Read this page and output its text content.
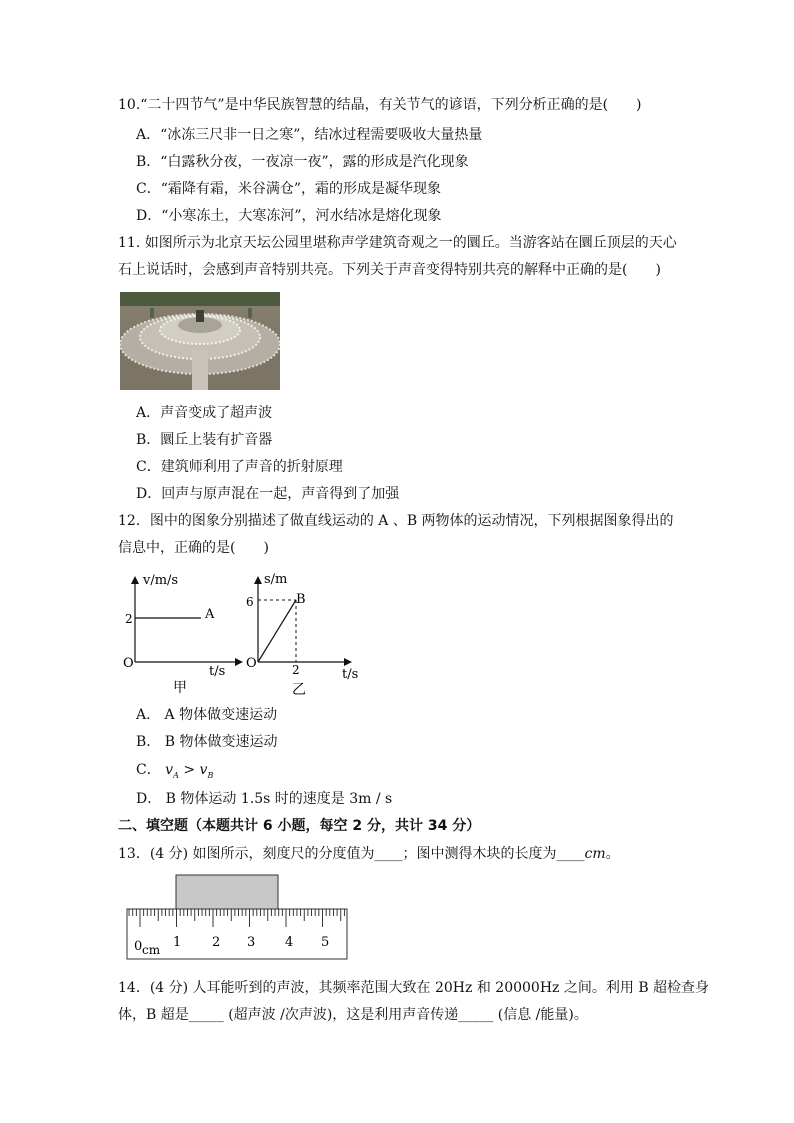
10.“二十四节气”是中华民族智慧的结晶，有关节气的谚语，下列分析正确的是(　　)
A．“冰冻三尺非一日之寒”，结冰过程需要吸收大量热量
B．“白露秋分夜，一夜凉一夜”，露的形成是汽化现象
C．“霜降有霜，米谷满仓”，霜的形成是凝华现象
D．“小寒冻土，大寒冻河”，河水结冰是熔化现象
11. 如图所示为北京天坛公园里堪称声学建筑奇观之一的圜丘。当游客站在圜丘顶层的天心
石上说话时，会感到声音特别共亮。下列关于声音变得特别共亮的解释中正确的是(　　)
A．声音变成了超声波
B．圜丘上装有扩音器
C．建筑师利用了声音的折射原理
D．回声与原声混在一起，声音得到了加强
12．图中的图象分别描述了做直线运动的 A 、B 两物体的运动情况，下列根据图象得出的
信息中，正确的是(　　)
v/m/s
2	A
O
t/s
甲
s/m
6	B
2
O
t/s
乙
A． A 物体做变速运动
B． B 物体做变速运动
C． $v_A > v_B$
D． B 物体运动 1.5s 时的速度是 3m / s
二、填空题（本题共计 6 小题，每空 2 分，共计 34 分）
13．(4 分) 如图所示，刻度尺的分度值为____；图中测得木块的长度为____cm。
0 cm 1 2 3 4 5
14．(4 分) 人耳能听到的声波，其频率范围大致在 20Hz 和 20000Hz 之间。利用 B 超检查身
体，B 超是_____ (超声波 /次声波)，这是利用声音传递_____ (信息 /能量)。
